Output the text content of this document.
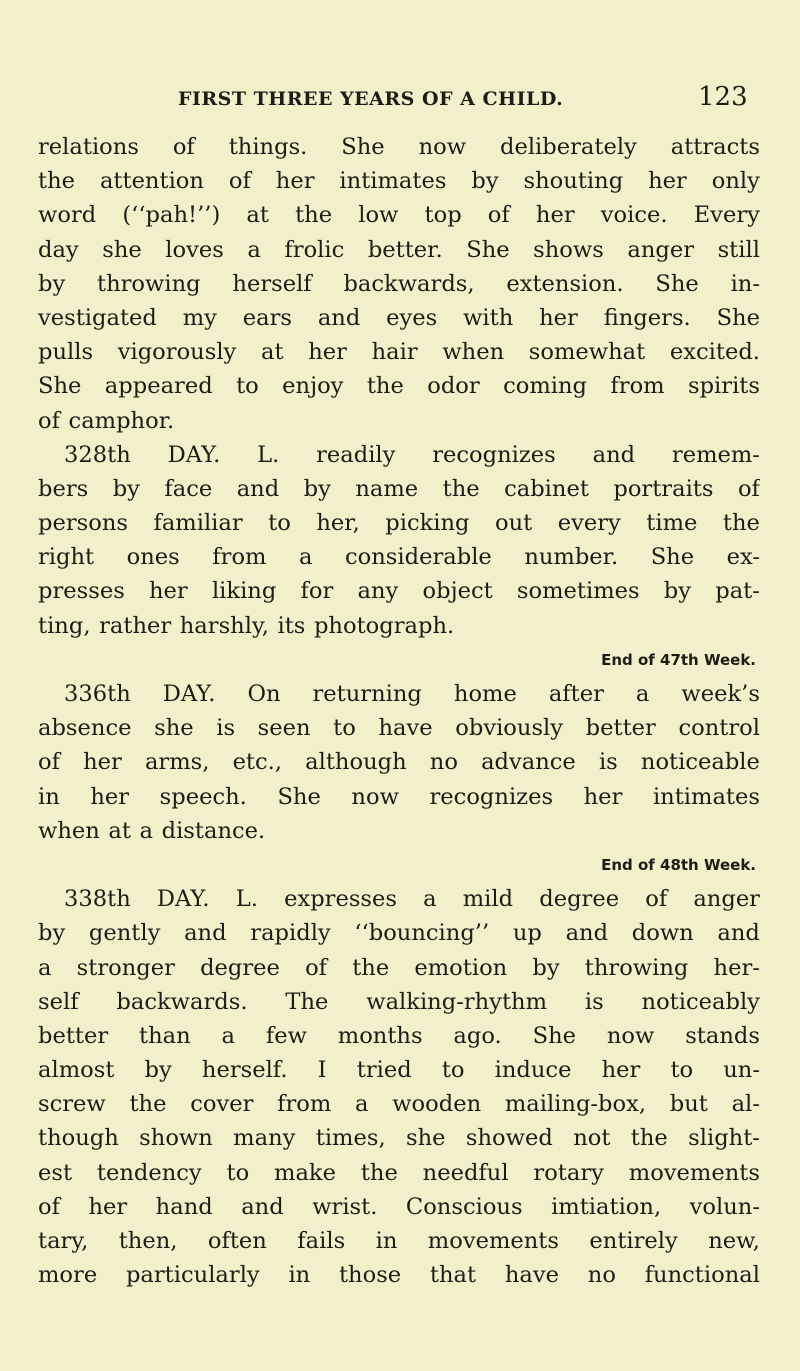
FIRST THREE YEARS OF A CHILD.	123
relations of things. She now deliberately attracts
the attention of her intimates by shouting her only
word (‘‘pah!’’) at the low top of her voice. Every
day she loves a frolic better. She shows anger still
by throwing herself backwards, extension. She in-
vestigated my ears and eyes with her fingers. She
pulls vigorously at her hair when somewhat excited.
She appeared to enjoy the odor coming from spirits
of camphor.
328th DAY. L. readily recognizes and remem-
bers by face and by name the cabinet portraits of
persons familiar to her, picking out every time the
right ones from a considerable number. She ex-
presses her liking for any object sometimes by pat-
ting, rather harshly, its photograph.
End of 47th Week.
336th DAY. On returning home after a week’s
absence she is seen to have obviously better control
of her arms, etc., although no advance is noticeable
in her speech. She now recognizes her intimates
when at a distance.
End of 48th Week.
338th DAY. L. expresses a mild degree of anger
by gently and rapidly ‘‘bouncing’’ up and down and
a stronger degree of the emotion by throwing her-
self backwards. The walking-rhythm is noticeably
better than a few months ago. She now stands
almost by herself. I tried to induce her to un-
screw the cover from a wooden mailing-box, but al-
though shown many times, she showed not the slight-
est tendency to make the needful rotary movements
of her hand and wrist. Conscious imtiation, volun-
tary, then, often fails in movements entirely new,
more particularly in those that have no functional
